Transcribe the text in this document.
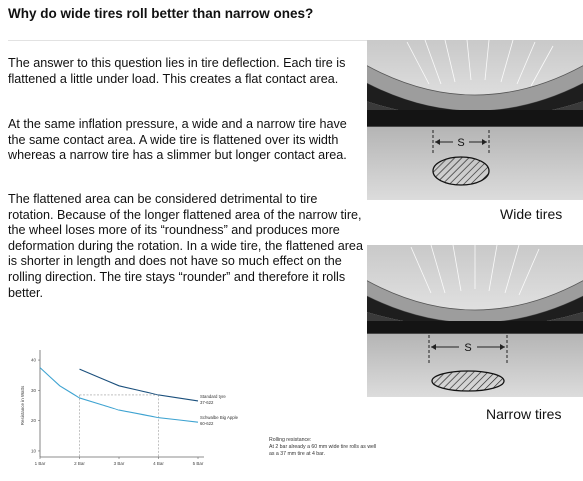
Why do wide tires roll better than narrow ones?

The answer to this question lies in tire deflection. Each tire is flattened a little under load. This creates a flat contact area.

At the same inflation pressure, a wide and a narrow tire have the same contact area. A wide tire is flattened over its width whereas a narrow tire has a slimmer but longer contact area.

The flattened area can be considered detrimental to tire rotation. Because of the longer flattened area of the narrow tire, the wheel loses more of its “roundness” and produces more deformation during the rotation. In a wide tire, the flattened area is shorter in length and does not have so much effect on the rolling direction. The tire stays “rounder” and therefore it rolls better.

S
Wide tires
S
Narrow tires
10
20
30
40
1 Bar	2 Bar	3 Bar	4 Bar	5 Bar
Resistance in Watts	Standard tyre
37-622
Schwalbe Big Apple
60-622
Rolling resistance:
At 2 bar already a 60 mm wide tire rolls as well as a 37 mm tire at 4 bar.
